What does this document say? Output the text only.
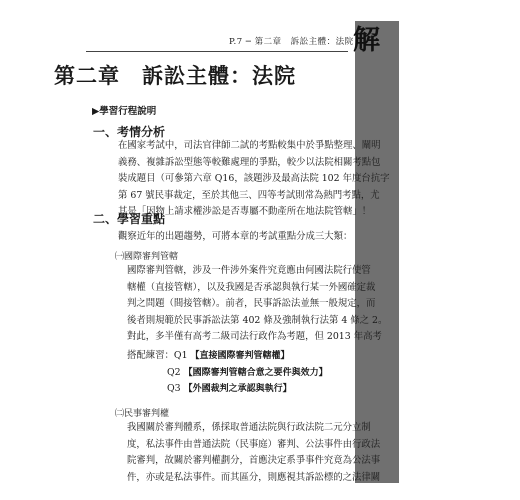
解
P.7 ─ 第二章　訴訟主體：法院
第二章　訴訟主體：法院
▶學習行程說明
一、考情分析
在國家考試中，司法官律師二試的考點較集中於爭點整理、闡明
義務、複雜訴訟型態等較難處理的爭點，較少以法院相關考點包
裝成題目（可參第六章 Q16，該題涉及最高法院 102 年度台抗字
第 67 號民事裁定，至於其他三、四等考試則常為熱門考點，尤
其是「因物上請求權涉訟是否專屬不動產所在地法院管轄」！
二、學習重點
觀察近年的出題趨勢，可將本章的考試重點分成三大類：
㈠國際審判管轄
國際審判管轄，涉及一件涉外案件究竟應由何國法院行使管
轄權（直接管轄），以及我國是否承認與執行某一外國確定裁
判之問題（間接管轄）。前者，民事訴訟法並無一般規定，而
後者則規範於民事訴訟法第 402 條及強制執行法第 4 條之 2。
對此，多半僅有高考二級司法行政作為考題，但 2013 年高考
搭配練習：Q1 【直接國際審判管轄權】
Q2 【國際審判管轄合意之要件與效力】
Q3 【外國裁判之承認與執行】
㈡民事審判權
我國關於審判體系，係採取普通法院與行政法院二元分立制
度，私法事件由普通法院（民事庭）審判、公法事件由行政法
院審判，故關於審判權劃分，首應決定系爭事件究竟為公法事
件，亦或是私法事件。而其區分，則應視其訴訟標的之法律關
